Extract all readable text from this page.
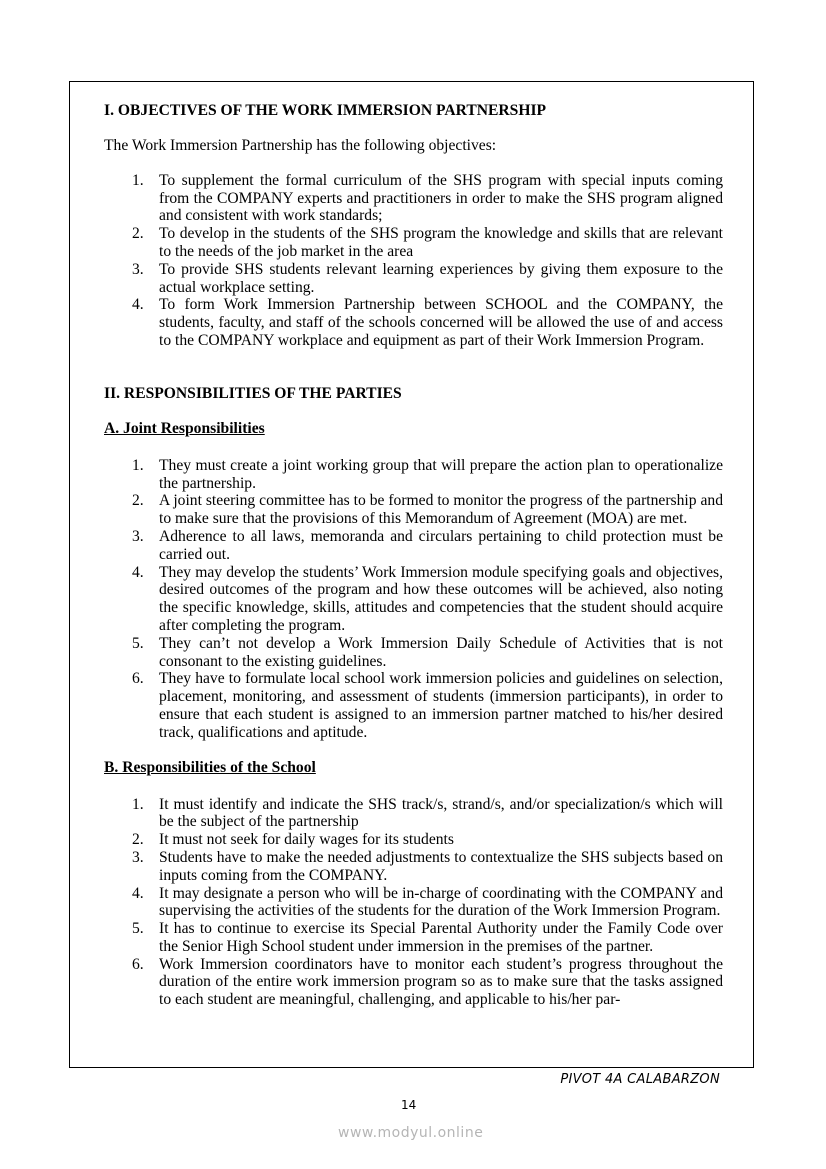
I. OBJECTIVES OF THE WORK IMMERSION PARTNERSHIP

The Work Immersion Partnership has the following objectives:

1. To supplement the formal curriculum of the SHS program with special inputs coming from the COMPANY experts and practitioners in order to make the SHS program aligned and consistent with work standards;
2. To develop in the students of the SHS program the knowledge and skills that are relevant to the needs of the job market in the area
3. To provide SHS students relevant learning experiences by giving them exposure to the actual workplace setting.
4. To form Work Immersion Partnership between SCHOOL and the COMPANY, the students, faculty, and staff of the schools concerned will be allowed the use of and access to the COMPANY workplace and equipment as part of their Work Immersion Program.
II. RESPONSIBILITIES OF THE PARTIES
A. Joint Responsibilities
1. They must create a joint working group that will prepare the action plan to operationalize the partnership.
2. A joint steering committee has to be formed to monitor the progress of the partnership and to make sure that the provisions of this Memorandum of Agreement (MOA) are met.
3. Adherence to all laws, memoranda and circulars pertaining to child protection must be carried out.
4. They may develop the students’ Work Immersion module specifying goals and objectives, desired outcomes of the program and how these outcomes will be achieved, also noting the specific knowledge, skills, attitudes and competencies that the student should acquire after completing the program.
5. They can’t not develop a Work Immersion Daily Schedule of Activities that is not consonant to the existing guidelines.
6. They have to formulate local school work immersion policies and guidelines on selection, placement, monitoring, and assessment of students (immersion participants), in order to ensure that each student is assigned to an immersion partner matched to his/her desired track, qualifications and aptitude.
B. Responsibilities of the School
1. It must identify and indicate the SHS track/s, strand/s, and/or specialization/s which will be the subject of the partnership
2. It must not seek for daily wages for its students
3. Students have to make the needed adjustments to contextualize the SHS subjects based on inputs coming from the COMPANY.
4. It may designate a person who will be in-charge of coordinating with the COMPANY and supervising the activities of the students for the duration of the Work Immersion Program.
5. It has to continue to exercise its Special Parental Authority under the Family Code over the Senior High School student under immersion in the premises of the partner.
6. Work Immersion coordinators have to monitor each student’s progress throughout the duration of the entire work immersion program so as to make sure that the tasks assigned to each student are meaningful, challenging, and applicable to his/her par-
PIVOT 4A CALABARZON
14
www.modyul.online
